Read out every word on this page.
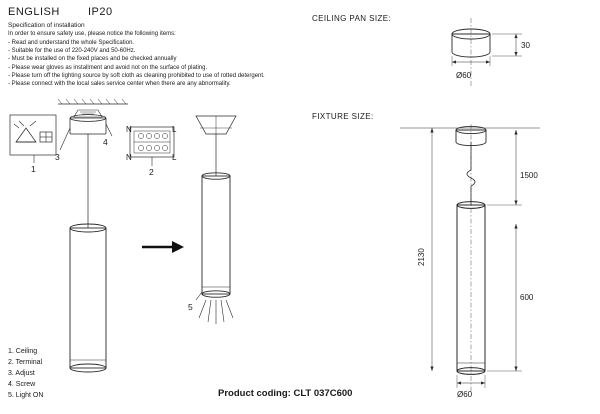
ENGLISH	IP20
Specification of installation
In order to ensure safety use, please notice the following items:
- Read and understand the whole Specification.
- Suitable for the use of 220-240V and 50-60Hz.
- Must be installed on the fixed places and be checked annually
- Please wear gloves as installment and avoid not on the surface of plating.
- Please turn off the lighting source by soft cloth as cleaning prohibited to use of rotted detergent.
- Please connect with the local sales service center when there are any abnormality.
1. Ceiling
2. Terminal
3. Adjust
4. Screw
5. Light ON	Product coding: CLT 037C600
CEILING PAN SIZE:
FIXTURE SIZE:
1
N	L
N	L
2
3
4
5
30
Ø60
1500
600
2130
Ø60
